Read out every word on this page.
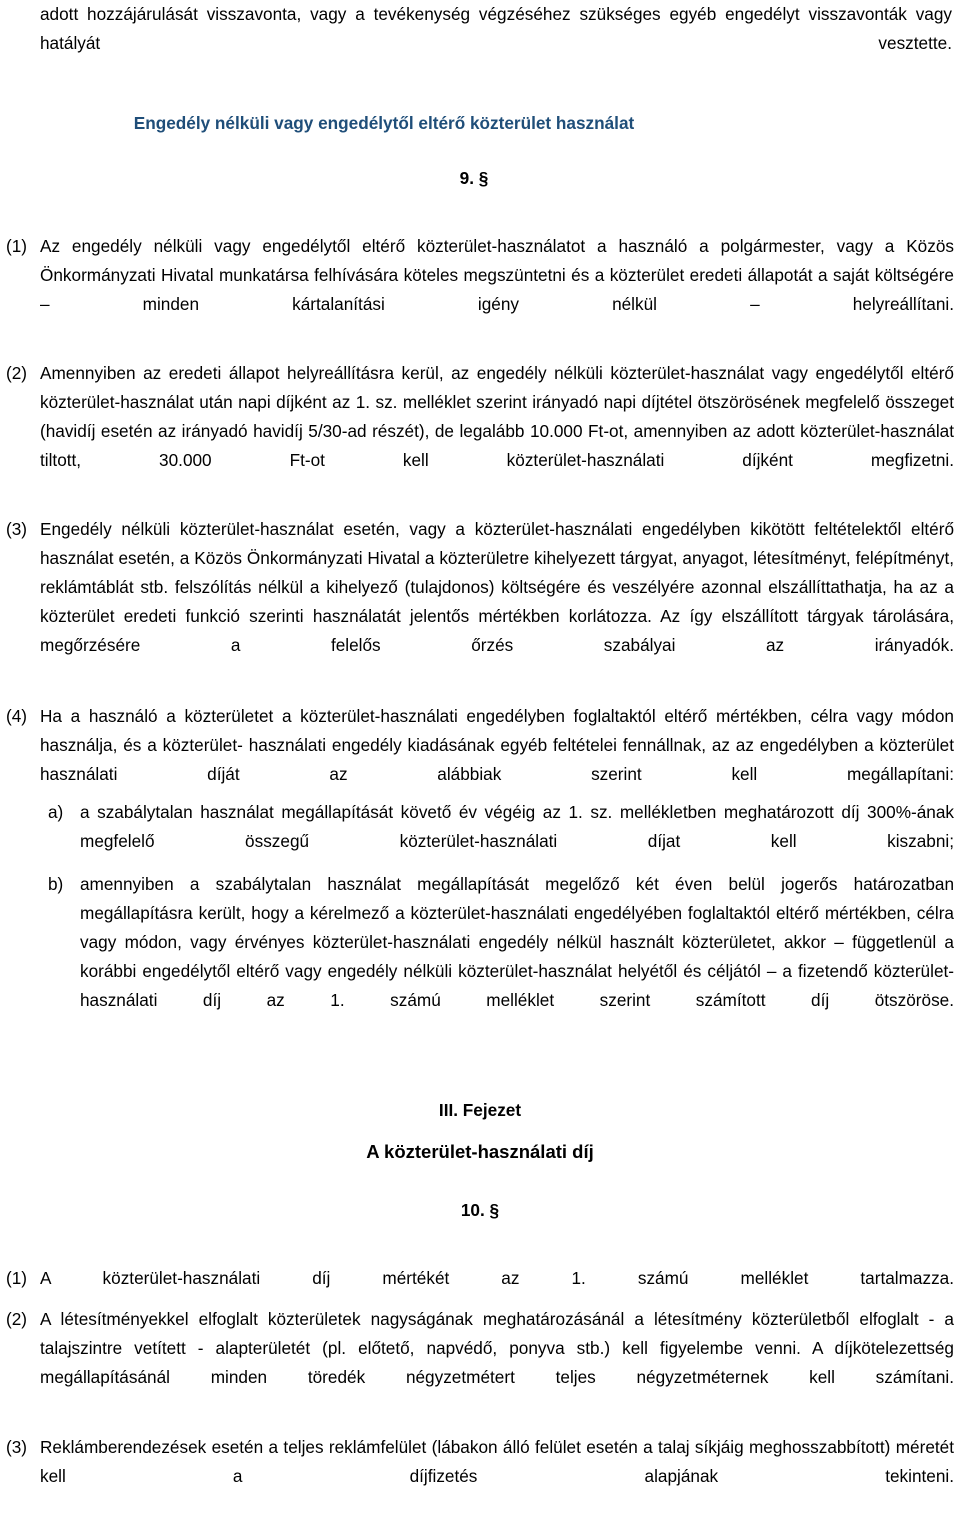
adott hozzájárulását visszavonta, vagy a tevékenység végzéséhez szükséges egyéb engedélyt visszavonták vagy hatályát vesztette.
Engedély nélküli vagy engedélytől eltérő közterület használat
9. §
(1) Az engedély nélküli vagy engedélytől eltérő közterület-használatot a használó a polgármester, vagy a Közös Önkormányzati Hivatal munkatársa felhívására köteles megszüntetni és a közterület eredeti állapotát a saját költségére – minden kártalanítási igény nélkül – helyreállítani.
(2) Amennyiben az eredeti állapot helyreállításra kerül, az engedély nélküli közterület-használat vagy engedélytől eltérő közterület-használat után napi díjként az 1. sz. melléklet szerint irányadó napi díjtétel ötszörösének megfelelő összeget (havidíj esetén az irányadó havidíj 5/30-ad részét), de legalább 10.000 Ft-ot, amennyiben az adott közterület-használat tiltott, 30.000 Ft-ot kell közterület-használati díjként megfizetni.
(3) Engedély nélküli közterület-használat esetén, vagy a közterület-használati engedélyben kikötött feltételektől eltérő használat esetén, a Közös Önkormányzati Hivatal a közterületre kihelyezett tárgyat, anyagot, létesítményt, felépítményt, reklámtáblát stb. felszólítás nélkül a kihelyező (tulajdonos) költségére és veszélyére azonnal elszállíttathatja, ha az a közterület eredeti funkció szerinti használatát jelentős mértékben korlátozza. Az így elszállított tárgyak tárolására, megőrzésére a felelős őrzés szabályai az irányadók.
(4) Ha a használó a közterületet a közterület-használati engedélyben foglaltaktól eltérő mértékben, célra vagy módon használja, és a közterület- használati engedély kiadásának egyéb feltételei fennállnak, az az engedélyben a közterület használati díját az alábbiak szerint kell megállapítani:
a) a szabálytalan használat megállapítását követő év végéig az 1. sz. mellékletben meghatározott díj 300%-ának megfelelő összegű közterület-használati díjat kell kiszabni;
b) amennyiben a szabálytalan használat megállapítását megelőző két éven belül jogerős határozatban megállapításra került, hogy a kérelmező a közterület-használati engedélyében foglaltaktól eltérő mértékben, célra vagy módon, vagy érvényes közterület-használati engedély nélkül használt közterületet, akkor – függetlenül a korábbi engedélytől eltérő vagy engedély nélküli közterület-használat helyétől és céljától – a fizetendő közterület-használati díj az 1. számú melléklet szerint számított díj ötszöröse.
III. Fejezet
A közterület-használati díj
10. §
(1) A közterület-használati díj mértékét az 1. számú melléklet tartalmazza.
(2) A létesítményekkel elfoglalt közterületek nagyságának meghatározásánál a létesítmény közterületből elfoglalt - a talajszintre vetített - alapterületét (pl. előtető, napvédő, ponyva stb.) kell figyelembe venni. A díjkötelezettség megállapításánál minden töredék négyzetmétert teljes négyzetméternek kell számítani.
(3) Reklámberendezések esetén a teljes reklámfelület (lábakon álló felület esetén a talaj síkjáig meghosszabbított) méretét kell a díjfizetés alapjának tekinteni.
